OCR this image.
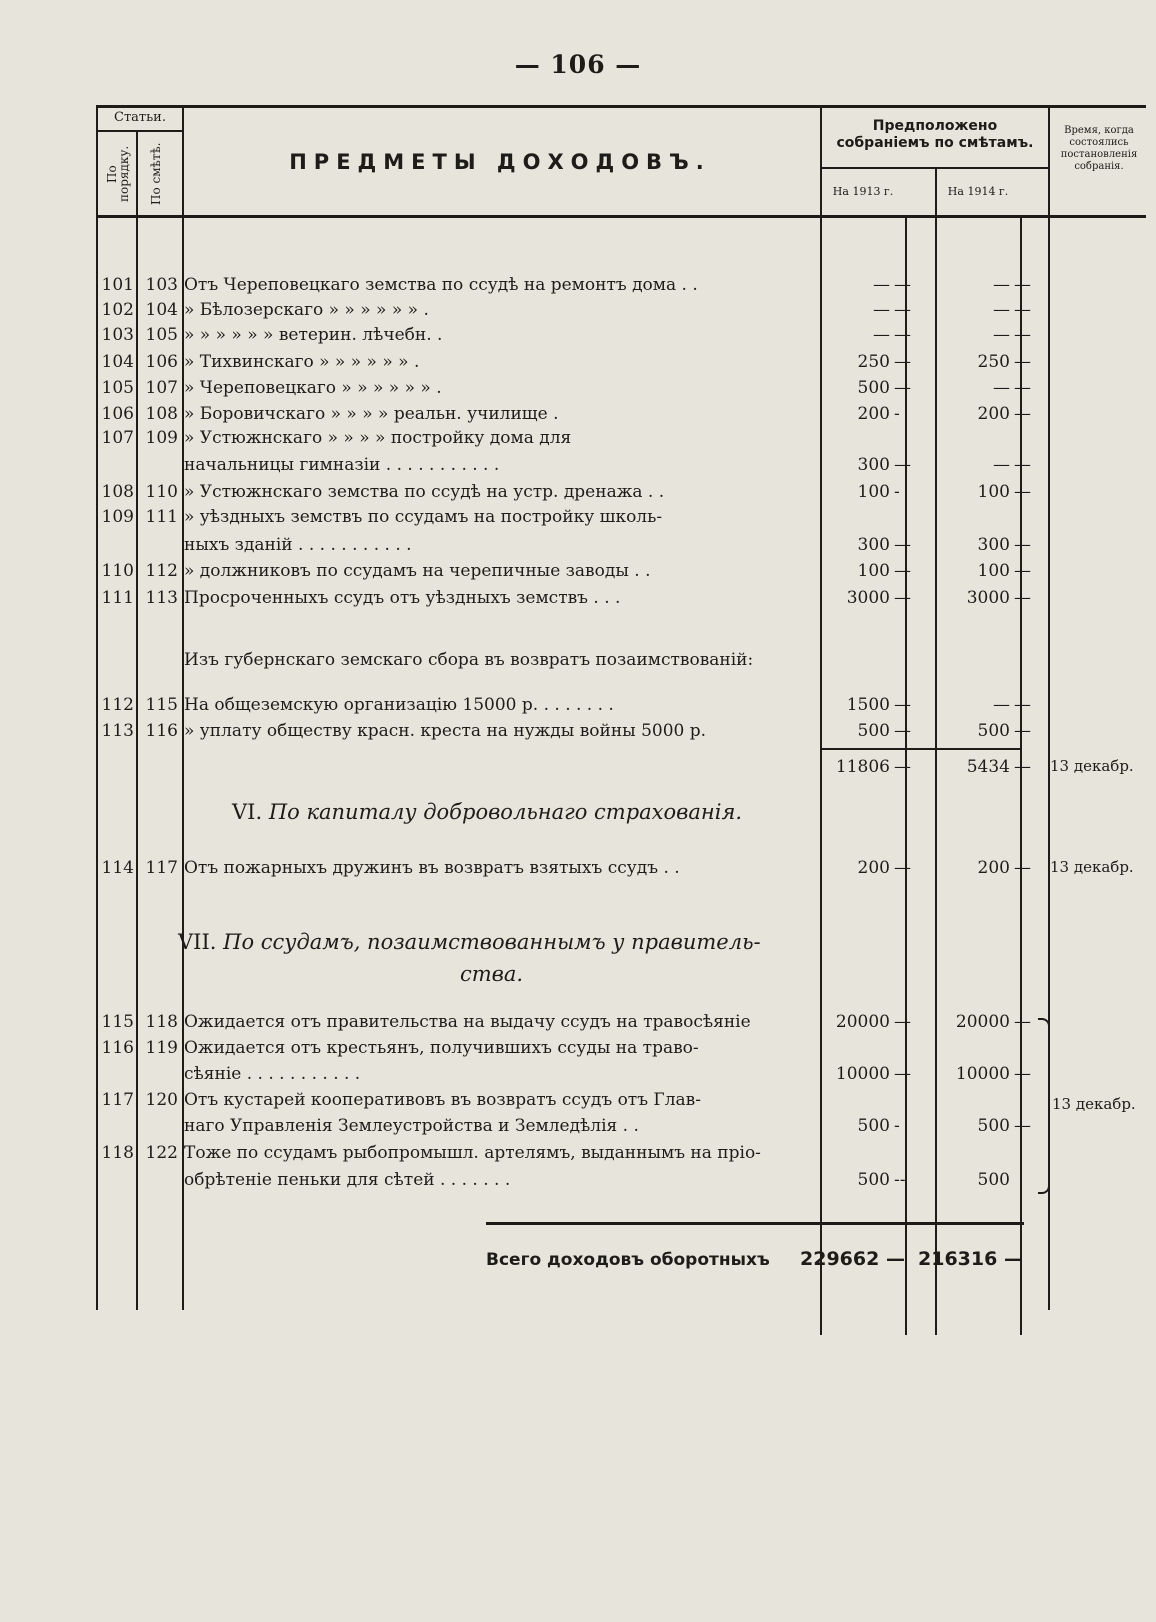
— 106 —
Статьи.
По порядку. По смѣтѣ.	ПРЕДМЕТЫ ДОХОДОВЪ.
Предположено собраніемъ по смѣтамъ.
На 1913 г.	На 1914 г.
Время, когда состоялись постановленія собранія.
101 103 Отъ Череповецкаго земства по ссудѣ на ремонтъ дома . .	— —	— —
102 104 » Бѣлозерскаго » » » » » » .	— —	— —
103 105 » » » » » » ветерин. лѣчебн. .	— —	— —
104 106 » Тихвинскаго » » » » » » .	250 —	250 —
105 107 » Череповецкаго » » » » » » .	500 —	— —
106 108 » Боровичскаго » » » » реальн. училище .	200 -	200 —
107 109 » Устюжнскаго » » » » постройку дома для
начальницы гимназіи . . . . . . . . . . .	300 —	— —
108 110 » Устюжнскаго земства по ссудѣ на устр. дренажа . .	100 -	100 —
109 111 » уѣздныхъ земствъ по ссудамъ на постройку школь-
ныхъ зданій . . . . . . . . . . .	300 —	300 —
110 112 » должниковъ по ссудамъ на черепичные заводы . .	100 —	100 —
111 113 Просроченныхъ ссудъ отъ уѣздныхъ земствъ . . .	3000 —	3000 —
Изъ губернскаго земскаго сбора въ возвратъ позаимствованій:
112 115 На общеземскую организацію 15000 р. . . . . . . .	1500 —	— —
113 116 » уплату обществу красн. креста на нужды войны 5000 р.	500 —	500 —
11806 —	5434 — 13 декабр.
VI. По капиталу добровольнаго страхованія.
114 117 Отъ пожарныхъ дружинъ въ возвратъ взятыхъ ссудъ . .	200 —	200 — 13 декабр.
VII. По ссудамъ, позаимствованнымъ у правитель-
ства.
115 118 Ожидается отъ правительства на выдачу ссудъ на травосѣяніе	20000 —	20000 —
116 119 Ожидается отъ крестьянъ, получившихъ ссуды на траво-
сѣяніе . . . . . . . . . . .	10000 —	10000 —
117 120 Отъ кустарей кооперативовъ въ возвратъ ссудъ отъ Глав-
наго Управленія Землеустройства и Земледѣлія . .	500 -	500 —
118 122 Тоже по ссудамъ рыбопромышл. артелямъ, выданнымъ на пріо-
обрѣтеніе пеньки для сѣтей . . . . . . .	500 --	500
13 декабр.
Всего доходовъ оборотныхъ 229662 — 216316 —
